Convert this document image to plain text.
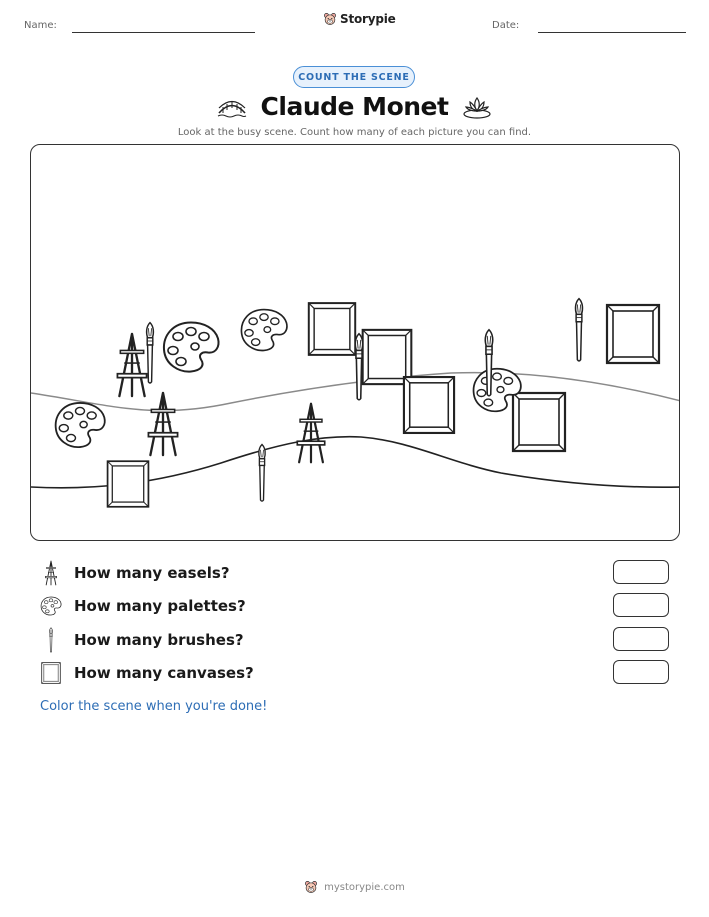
Name:	Storypie	Date:
COUNT THE SCENE
Claude Monet
Look at the busy scene. Count how many of each picture you can find.
How many easels?
How many palettes?
How many brushes?
How many canvases?
Color the scene when you're done!
mystorypie.com
